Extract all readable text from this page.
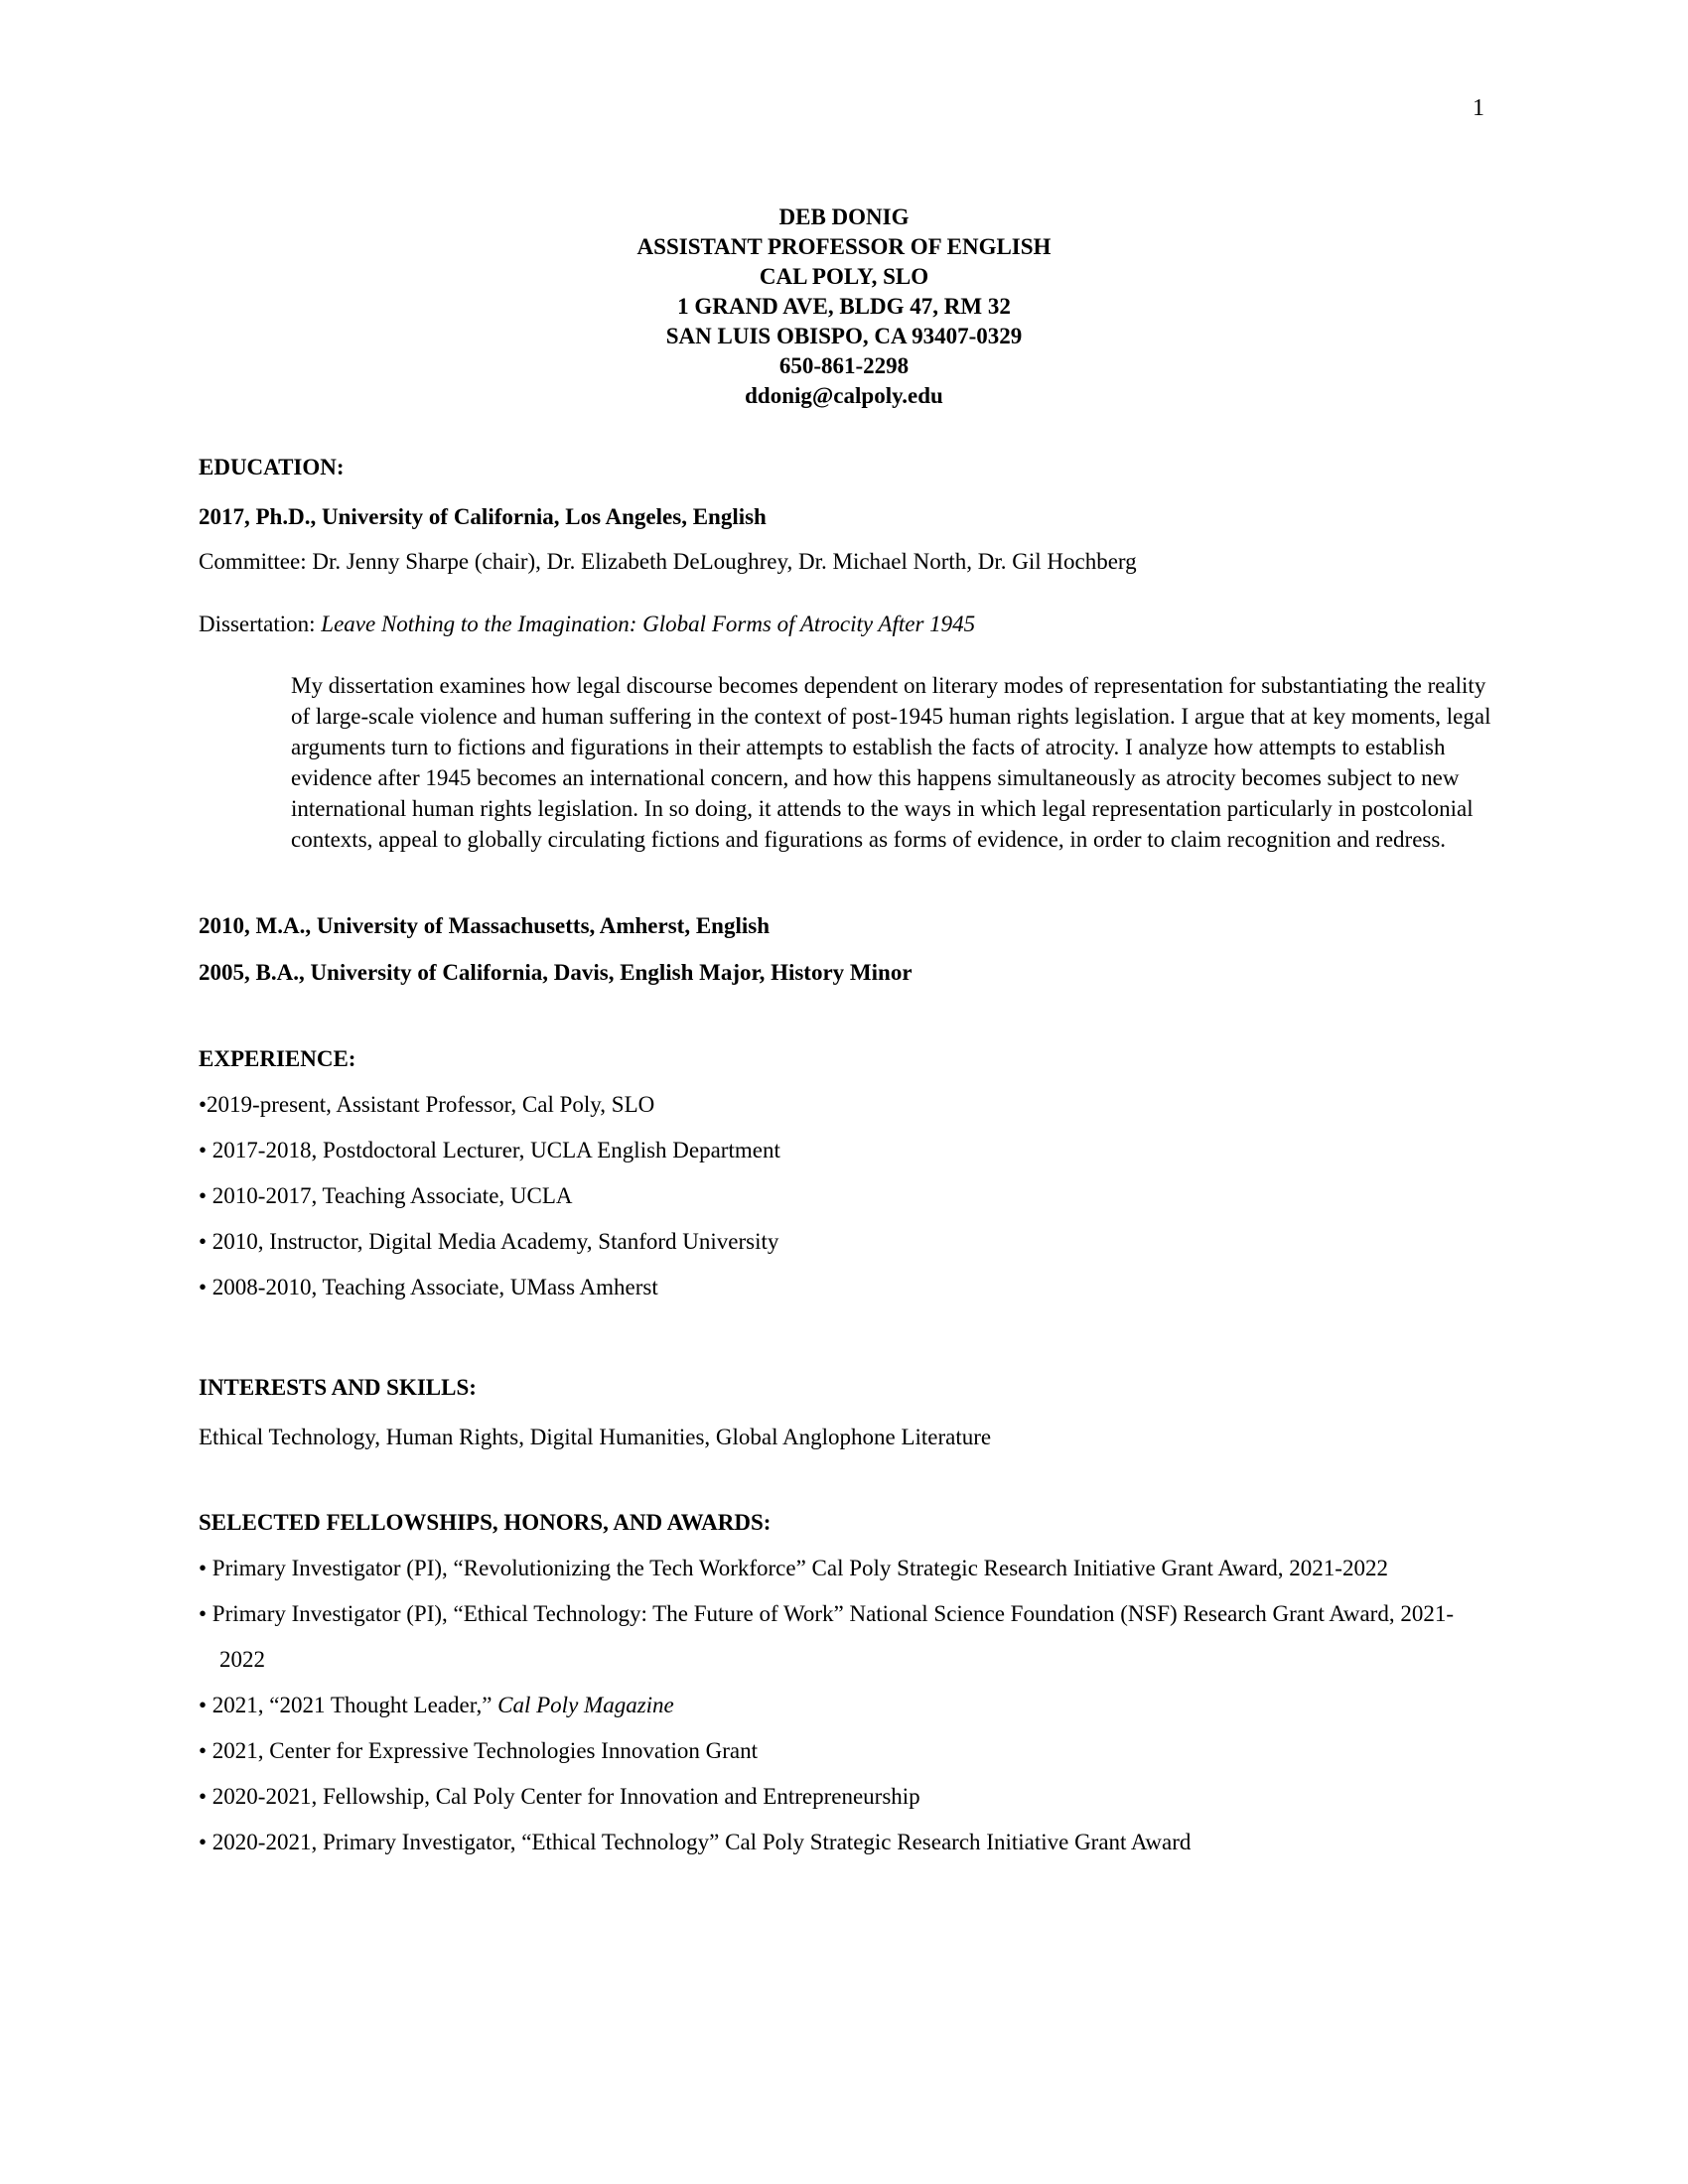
1
DEB DONIG
ASSISTANT PROFESSOR OF ENGLISH
CAL POLY, SLO
1 GRAND AVE, BLDG 47, RM 32
SAN LUIS OBISPO, CA 93407-0329
650-861-2298
ddonig@calpoly.edu
EDUCATION:
2017, Ph.D., University of California, Los Angeles, English
Committee: Dr. Jenny Sharpe (chair), Dr. Elizabeth DeLoughrey, Dr. Michael North, Dr. Gil Hochberg
Dissertation: Leave Nothing to the Imagination: Global Forms of Atrocity After 1945
My dissertation examines how legal discourse becomes dependent on literary modes of representation for substantiating the reality of large-scale violence and human suffering in the context of post-1945 human rights legislation. I argue that at key moments, legal arguments turn to fictions and figurations in their attempts to establish the facts of atrocity. I analyze how attempts to establish evidence after 1945 becomes an international concern, and how this happens simultaneously as atrocity becomes subject to new international human rights legislation. In so doing, it attends to the ways in which legal representation particularly in postcolonial contexts, appeal to globally circulating fictions and figurations as forms of evidence, in order to claim recognition and redress.
2010, M.A., University of Massachusetts, Amherst, English
2005, B.A., University of California, Davis, English Major, History Minor
EXPERIENCE:
•2019-present, Assistant Professor, Cal Poly, SLO
• 2017-2018, Postdoctoral Lecturer, UCLA English Department
• 2010-2017, Teaching Associate, UCLA
• 2010, Instructor, Digital Media Academy, Stanford University
• 2008-2010, Teaching Associate, UMass Amherst
INTERESTS AND SKILLS:
Ethical Technology, Human Rights, Digital Humanities, Global Anglophone Literature
SELECTED FELLOWSHIPS, HONORS, AND AWARDS:
• Primary Investigator (PI), “Revolutionizing the Tech Workforce” Cal Poly Strategic Research Initiative Grant Award, 2021-2022
• Primary Investigator (PI), “Ethical Technology: The Future of Work” National Science Foundation (NSF) Research Grant Award, 2021-2022
• 2021, “2021 Thought Leader,” Cal Poly Magazine
• 2021, Center for Expressive Technologies Innovation Grant
• 2020-2021, Fellowship, Cal Poly Center for Innovation and Entrepreneurship
• 2020-2021, Primary Investigator, “Ethical Technology” Cal Poly Strategic Research Initiative Grant Award
